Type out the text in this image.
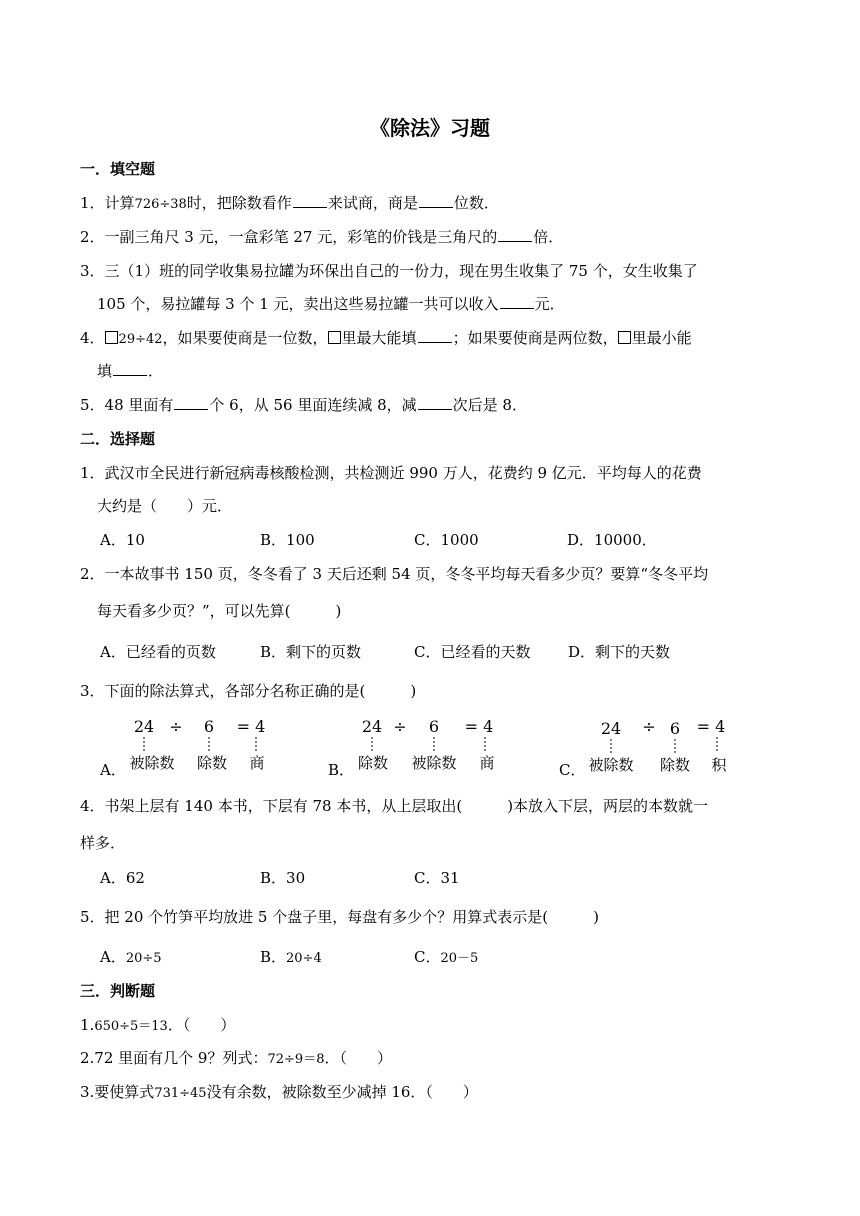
《除法》习题
一．填空题
1．计算726÷38时，把除数看作 来试商，商是 位数．
2．一副三角尺 3 元，一盒彩笔 27 元，彩笔的价钱是三角尺的 倍．
3．三（1）班的同学收集易拉罐为环保出自己的一份力，现在男生收集了 75 个，女生收集了
105 个，易拉罐每 3 个 1 元，卖出这些易拉罐一共可以收入 元．
4． 29÷42，如果要使商是一位数， 里最大能填 ；如果要使商是两位数， 里最小能
填 ．
5．48 里面有 个 6，从 56 里面连续减 8，减 次后是 8．
二．选择题
1．武汉市全民进行新冠病毒核酸检测，共检测近 990 万人，花费约 9 亿元．平均每人的花费
大约是（　　）元．
A．10	B．100	C．1000	D．10000．
2．一本故事书 150 页，冬冬看了 3 天后还剩 54 页，冬冬平均每天看多少页？要算“冬冬平均
每天看多少页？”，可以先算(　　　)
A．已经看的页数	B．剩下的页数	C．已经看的天数	D．剩下的天数
3．下面的除法算式，各部分名称正确的是(　　　)
A．
24 ÷ 6 = 4
被除数 除数 商	B．
24 ÷ 6 = 4
除数 被除数 商	C．
24 ÷ 6 = 4
被除数 除数 积
4．书架上层有 140 本书，下层有 78 本书，从上层取出(　　　)本放入下层，两层的本数就一
样多．
A．62	B．30	C．31
5．把 20 个竹笋平均放进 5 个盘子里，每盘有多少个？用算式表示是(　　　)
A．20÷5	B．20÷4	C．20－5
三．判断题
1.650÷5＝13．（　　）
2.72 里面有几个 9？列式：72÷9＝8．（　　）
3.要使算式731÷45没有余数，被除数至少减掉 16．（　　）
